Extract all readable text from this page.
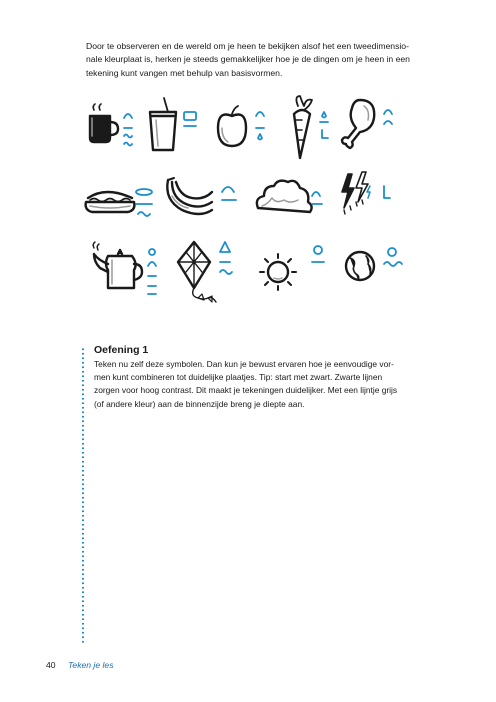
Door te observeren en de wereld om je heen te bekijken alsof het een tweedimensio-
nale kleurplaat is, herken je steeds gemakkelijker hoe je de dingen om je heen in een
tekening kunt vangen met behulp van basisvormen.

Oefening 1

Teken nu zelf deze symbolen. Dan kun je bewust ervaren hoe je eenvoudige vor-
men kunt combineren tot duidelijke plaatjes. Tip: start met zwart. Zwarte lijnen
zorgen voor hoog contrast. Dit maakt je tekeningen duidelijker. Met een lijntje grijs
(of andere kleur) aan de binnenzijde breng je diepte aan.

40 Teken je les
